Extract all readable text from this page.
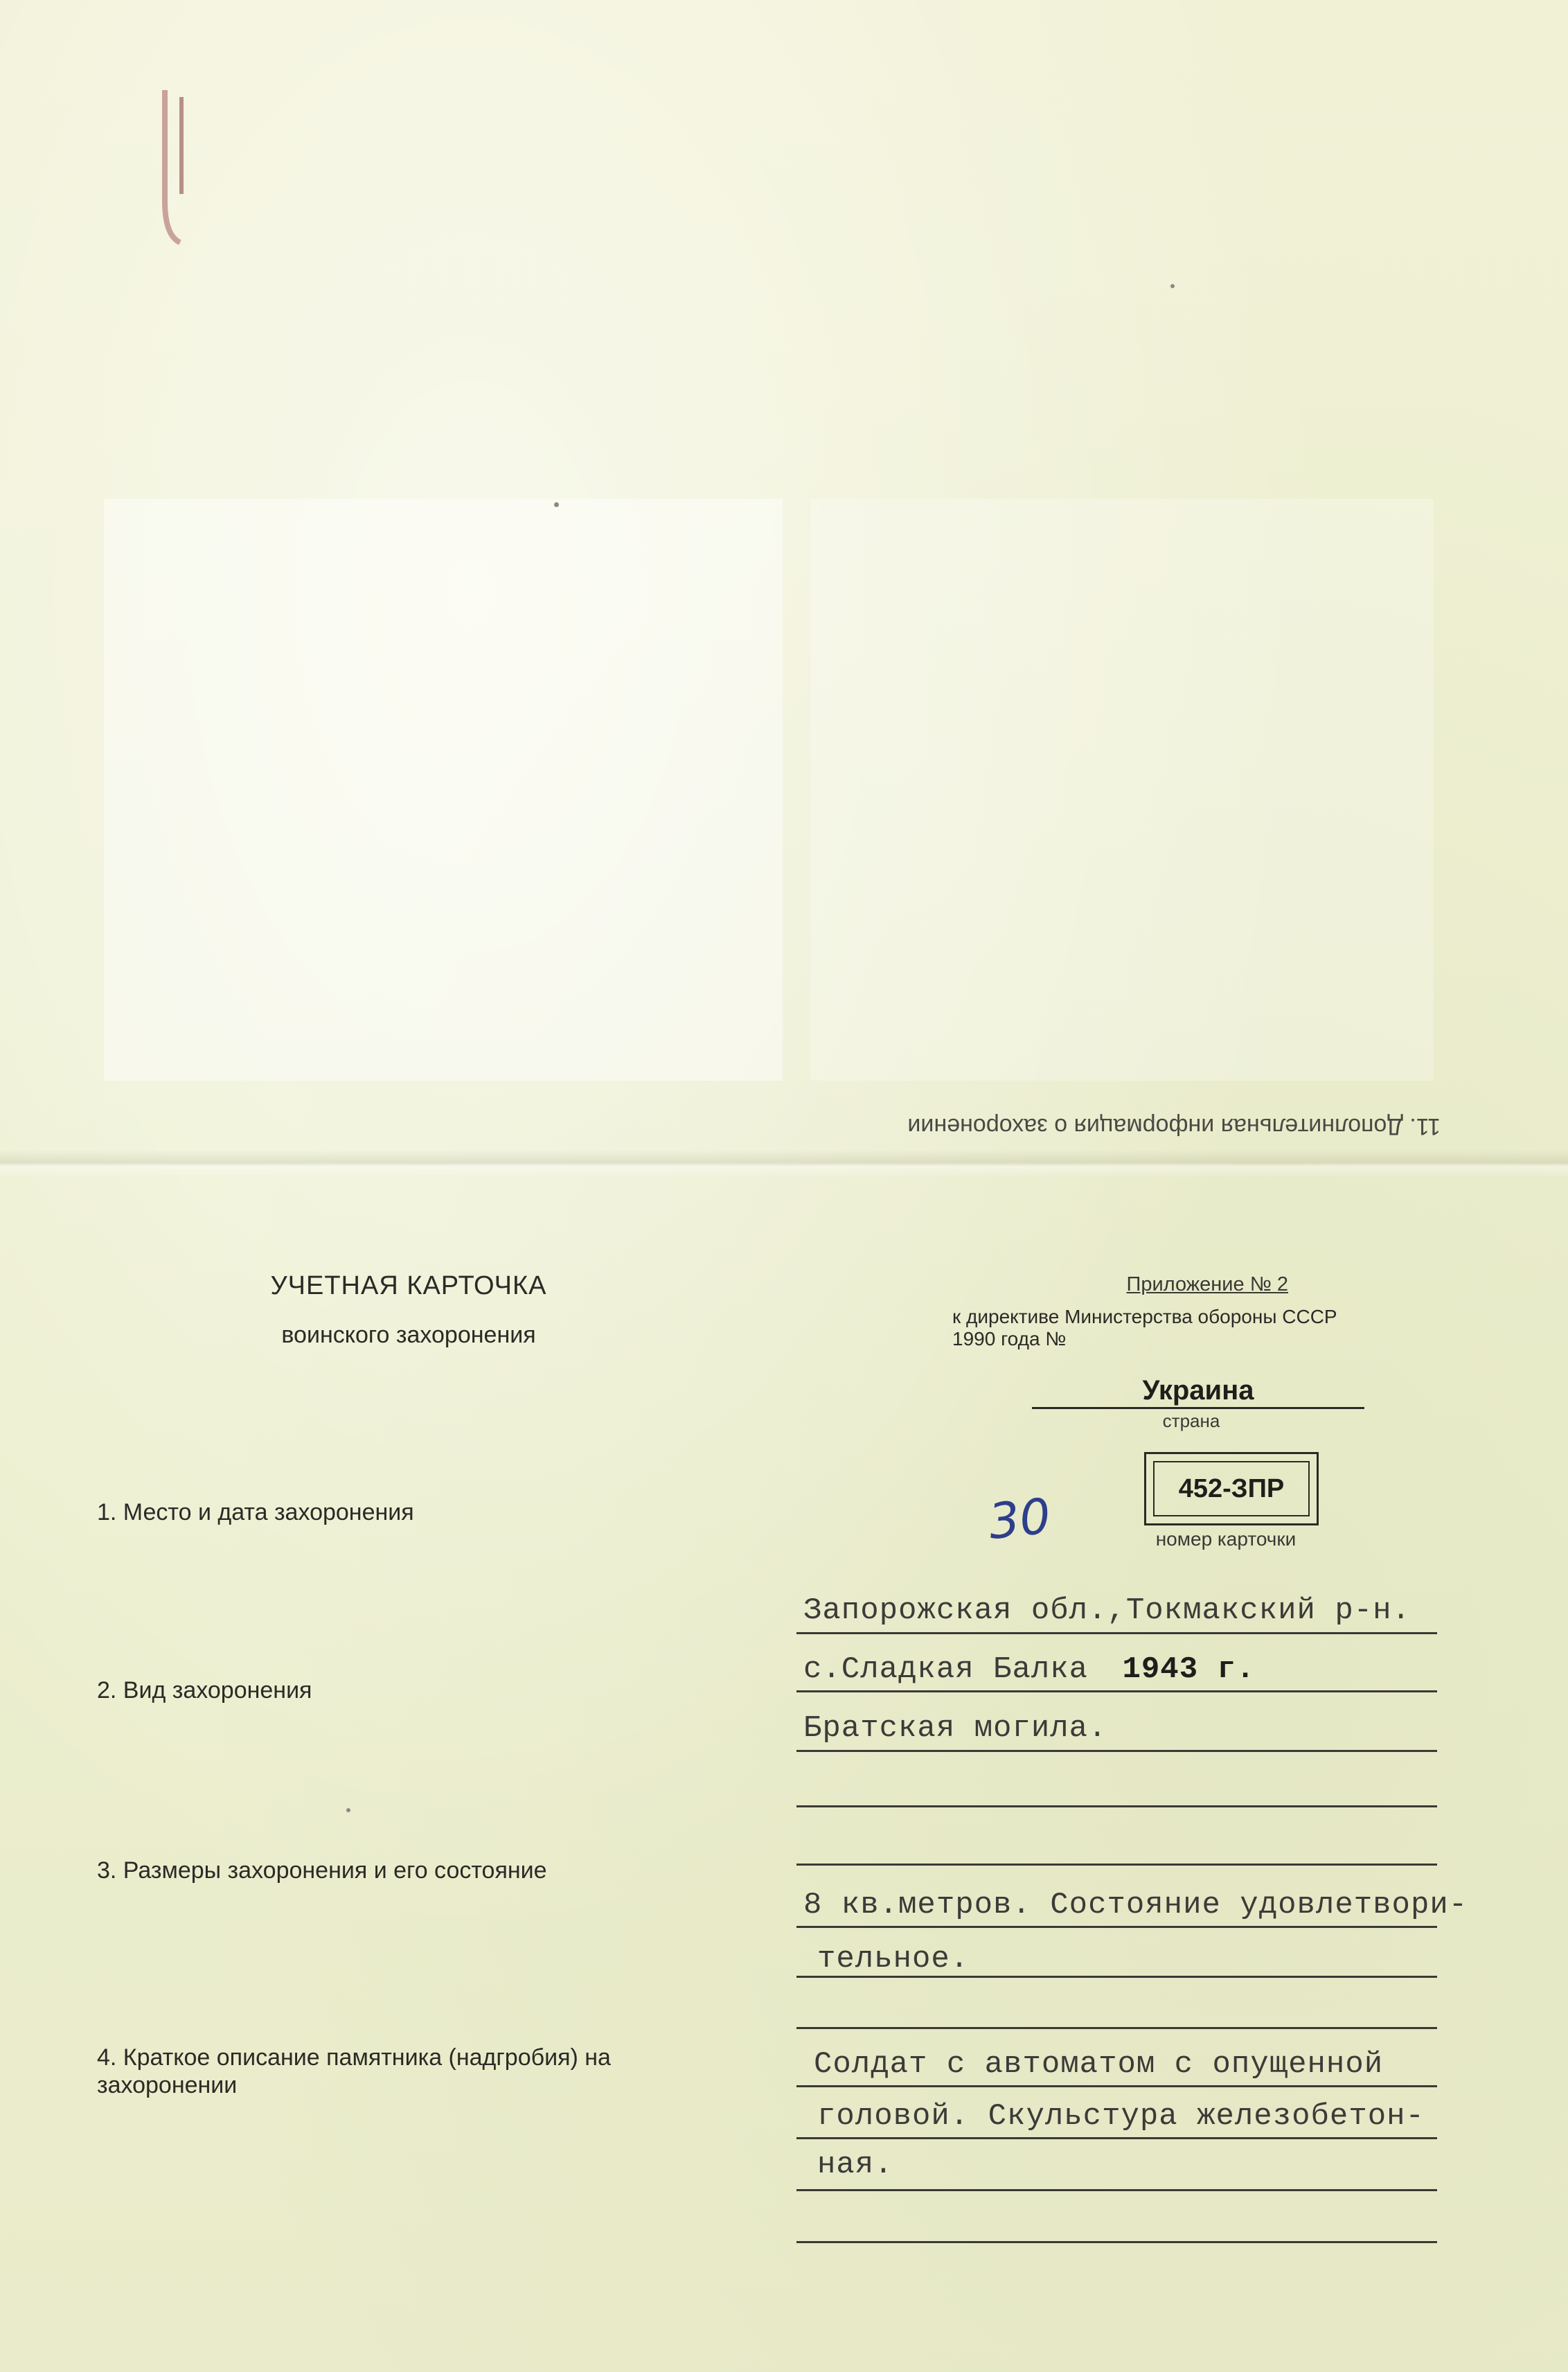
11. Дополнительная информация о захоронении
УЧЕТНАЯ КАРТОЧКА
воинского захоронения
Приложение № 2
к директиве Министерства обороны СССР
1990 года №
Украина
страна
30	452-ЗПР
номер карточки
1. Место и дата захоронения
Запорожская обл.,Токмакский р-н.
с.Сладкая Балка 1943 г.
2. Вид захоронения
Братская могила.
3. Размеры захоронения и его состояние
8 кв.метров. Состояние удовлетвори-
тельное.
4. Краткое описание памятника (надгробия) на захоронении
Солдат с автоматом с опущенной
головой. Скульстура железобетон-
ная.
